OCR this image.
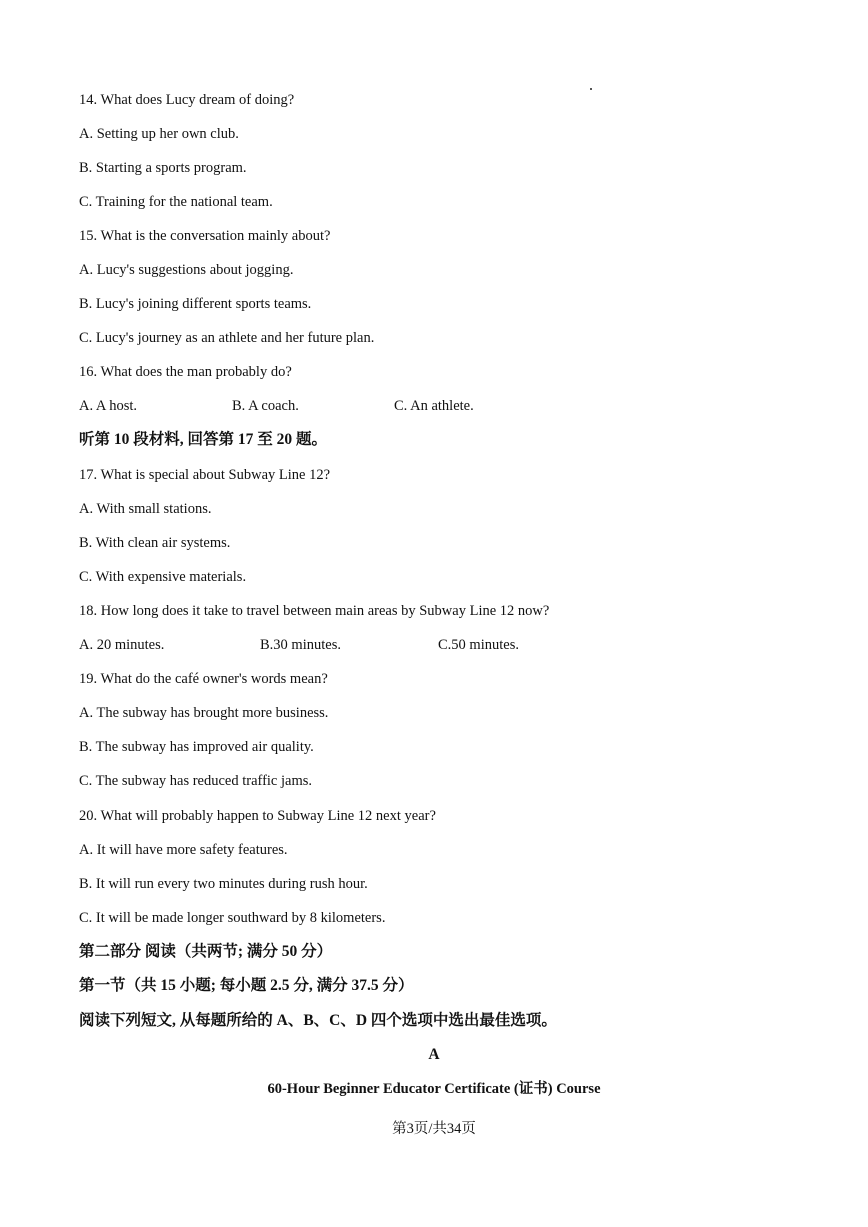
14. What does Lucy dream of doing?
A. Setting up her own club.
B. Starting a sports program.
C. Training for the national team.
15. What is the conversation mainly about?
A. Lucy's suggestions about jogging.
B. Lucy's joining different sports teams.
C. Lucy's journey as an athlete and her future plan.
16. What does the man probably do?
A. A host.	B. A coach.	C. An athlete.
听第 10 段材料, 回答第 17 至 20 题。
17. What is special about Subway Line 12?
A. With small stations.
B. With clean air systems.
C. With expensive materials.
18. How long does it take to travel between main areas by Subway Line 12 now?
A. 20 minutes.	B.30 minutes.	C.50 minutes.
19. What do the café owner's words mean?
A. The subway has brought more business.
B. The subway has improved air quality.
C. The subway has reduced traffic jams.
20. What will probably happen to Subway Line 12 next year?
A. It will have more safety features.
B. It will run every two minutes during rush hour.
C. It will be made longer southward by 8 kilometers.
第二部分 阅读（共两节; 满分 50 分）
第一节（共 15 小题; 每小题 2.5 分, 满分 37.5 分）
阅读下列短文, 从每题所给的 A、B、C、D 四个选项中选出最佳选项。
A
60-Hour Beginner Educator Certificate (证书) Course
第3页/共34页
